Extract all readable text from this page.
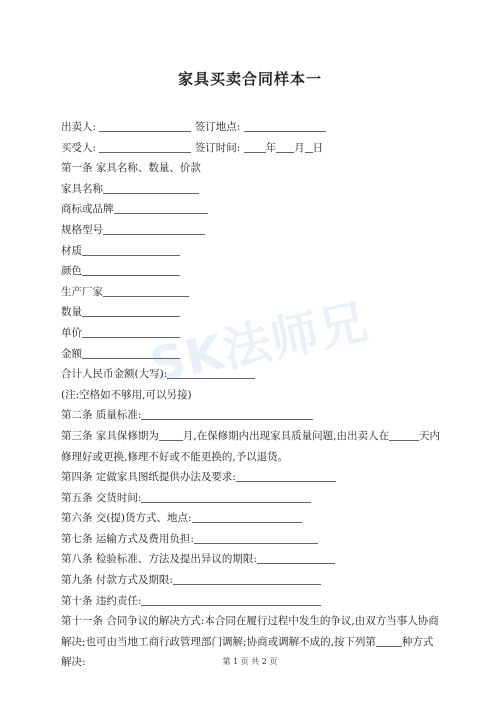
SK法师兄
家具买卖合同样本一
出卖人:	签订地点:
买受人:	签订时间: 年 月 日
第一条 家具名称、数量、价款
家具名称
商标或品牌
规格型号
材质
颜色
生产厂家
数量
单价
金额
合计人民币金额(大写):
(注:空格如不够用,可以另接)
第二条 质量标准:
第三条 家具保修期为 月,在保修期内出现家具质量问题,由出卖人在	天内修理好或更换,修理不好或不能更换的,予以退货。
第四条 定做家具图纸提供办法及要求:
第五条 交货时间:
第六条 交(提)货方式、地点:
第七条 运输方式及费用负担:
第八条 检验标准、方法及提出异议的期限:
第九条 付款方式及期限:
第十条 违约责任:
第十一条 合同争议的解决方式:本合同在履行过程中发生的争议,由双方当事人协商解决;也可由当地工商行政管理部门调解;协商或调解不成的,按下列第 种方式解决:	第 1 页 共 2 页
